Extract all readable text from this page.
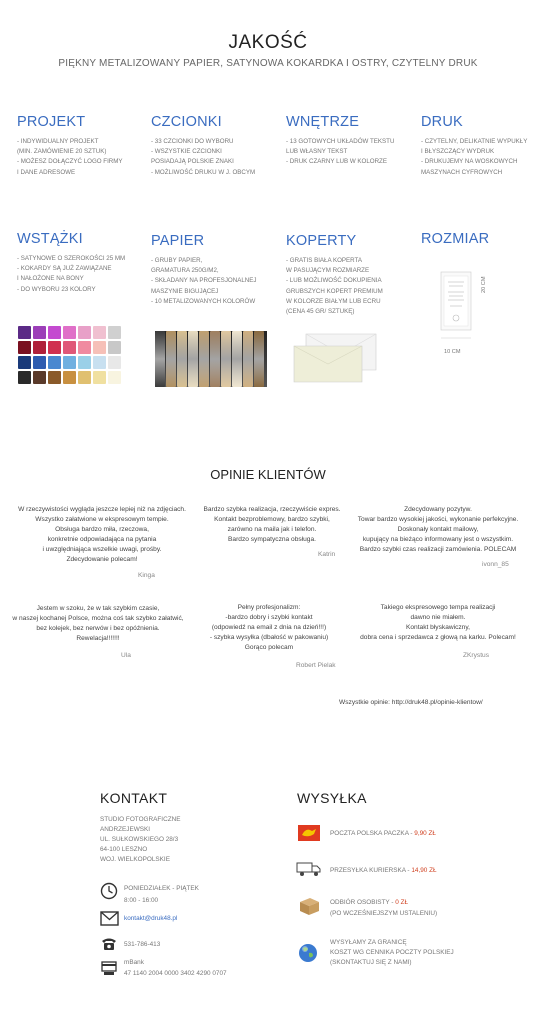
JAKOŚĆ
PIĘKNY METALIZOWANY PAPIER, SATYNOWA KOKARDKA I OSTRY, CZYTELNY DRUK
PROJEKT
- INDYWIDUALNY PROJEKT
(MIN. ZAMÓWIENIE 20 SZTUK)
- MOŻESZ DOŁĄCZYĆ LOGO FIRMY
I DANE ADRESOWE
CZCIONKI
- 33 CZCIONKI DO WYBORU
- WSZYSTKIE CZCIONKI
POSIADAJĄ POLSKIE ZNAKI
- MOŻLIWOŚĆ DRUKU W J. OBCYM
WNĘTRZE
- 13 GOTOWYCH UKŁADÓW TEKSTU
LUB WŁASNY TEKST
- DRUK CZARNY LUB W KOLORZE
DRUK
- CZYTELNY, DELIKATNIE WYPUKŁY
I BŁYSZCZĄCY WYDRUK
- DRUKUJEMY NA WOSKOWYCH
MASZYNACH CYFROWYCH
WSTĄŻKI
- SATYNOWE O SZEROKOŚCI 25 MM
- KOKARDY SĄ JUŻ ZAWIĄZANE
I NAŁOŻONE NA BONY
- DO WYBORU 23 KOLORY
PAPIER
- GRUBY PAPIER,
GRAMATURA 250G/M2,
- SKŁADANY NA PROFESJONALNEJ
MASZYNIE BIGUJĄCEJ
- 10 METALIZOWANYCH KOLORÓW
KOPERTY
- GRATIS BIAŁA KOPERTA
W PASUJĄCYM ROZMIARZE
- LUB MOŻLIWOŚĆ DOKUPIENIA
GRUBSZYCH KOPERT PREMIUM
W KOLORZE BIAŁYM LUB ECRU
(CENA 45 GR/ SZTUKĘ)
ROZMIAR
20 CM
10 CM
OPINIE KLIENTÓW
W rzeczywistości wygląda jeszcze lepiej niż na zdjęciach.
Wszystko załatwione w ekspresowym tempie.
Obsługa bardzo miła, rzeczowa,
konkretnie odpowiadająca na pytania
i uwzględniająca wszelkie uwagi, prośby.
Zdecydowanie polecam!
Kinga
Bardzo szybka realizacja, rzeczywiście expres.
Kontakt bezproblemowy, bardzo szybki,
zarówno na maila jak i telefon.
Bardzo sympatyczna obsługa.
Katrin
Zdecydowany pozytyw.
Towar bardzo wysokiej jakości, wykonanie perfekcyjne.
Doskonały kontakt mailowy,
kupujący na bieżąco informowany jest o wszystkim.
Bardzo szybki czas realizacji zamówienia. POLECAM
ivonn_85
Jestem w szoku, że w tak szybkim czasie,
w naszej kochanej Polsce, można coś tak szybko załatwić,
bez kolejek, bez nerwów i bez opóźnienia.
Rewelacja!!!!!!!
Ula
Pełny profesjonalizm:
-bardzo dobry i szybki kontakt
(odpowiedź na email z dnia na dzień!!!)
- szybka wysyłka (dbałość w pakowaniu)
Gorąco polecam
Robert Pielak
Takiego ekspresowego tempa realizacji
dawno nie miałem.
Kontakt błyskawiczny,
dobra cena i sprzedawca z głową na karku. Polecam!
ZKrystus
Wszystkie opinie: http://druk48.pl/opinie-klientow/
KONTAKT
STUDIO FOTOGRAFICZNE
ANDRZEJEWSKI
UL. SUŁKOWSKIEGO 28/3
64-100 LESZNO
WOJ. WIELKOPOLSKIE
PONIEDZIAŁEK - PIĄTEK
8:00 - 16:00
kontakt@druk48.pl
531-786-413
mBank
47 1140 2004 0000 3402 4290 0707
WYSYŁKA
POCZTA POLSKA PACZKA - 9,90 ZŁ
PRZESYŁKA KURIERSKA - 14,90 ZŁ
ODBIÓR OSOBISTY - 0 ZŁ
(PO WCZEŚNIEJSZYM USTALENIU)
WYSYŁAMY ZA GRANICĘ
KOSZT WG CENNIKA POCZTY POLSKIEJ
(SKONTAKTUJ SIĘ Z NAMI)
